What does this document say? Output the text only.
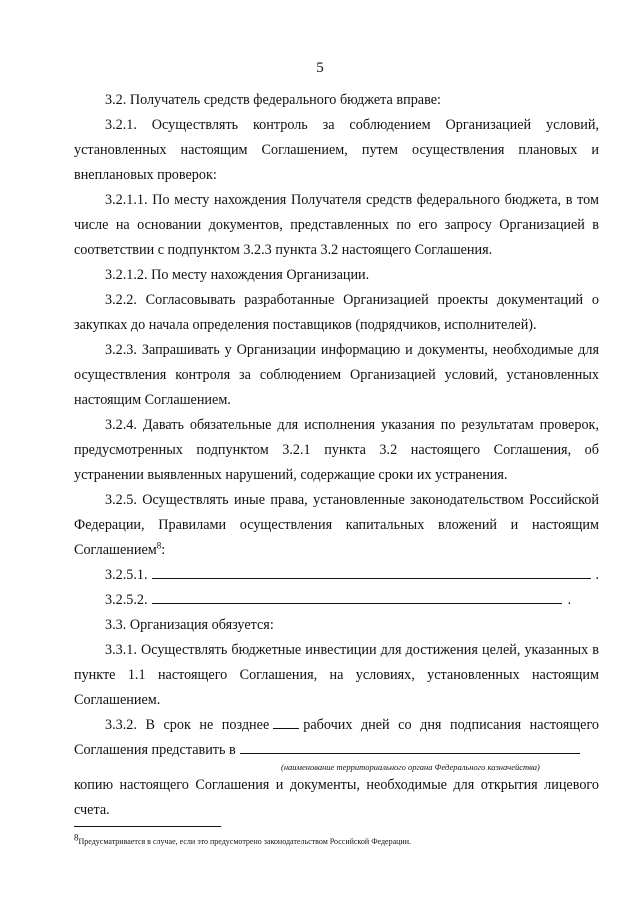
5

3.2. Получатель средств федерального бюджета вправе:

3.2.1. Осуществлять контроль за соблюдением Организацией условий, установленных настоящим Соглашением, путем осуществления плановых и внеплановых проверок:

3.2.1.1. По месту нахождения Получателя средств федерального бюджета, в том числе на основании документов, представленных по его запросу Организацией в соответствии с подпунктом 3.2.3 пункта 3.2 настоящего Соглашения.

3.2.1.2. По месту нахождения Организации.

3.2.2. Согласовывать разработанные Организацией проекты документаций о закупках до начала определения поставщиков (подрядчиков, исполнителей).

3.2.3. Запрашивать у Организации информацию и документы, необходимые для осуществления контроля за соблюдением Организацией условий, установленных настоящим Соглашением.

3.2.4. Давать обязательные для исполнения указания по результатам проверок, предусмотренных подпунктом 3.2.1 пункта 3.2 настоящего Соглашения, об устранении выявленных нарушений, содержащие сроки их устранения.

3.2.5. Осуществлять иные права, установленные законодательством Российской Федерации, Правилами осуществления капитальных вложений и настоящим Соглашением$^8$:

3.2.5.1.	.
3.2.5.2.	.

3.3. Организация обязуется:

3.3.1. Осуществлять бюджетные инвестиции для достижения целей, указанных в пункте 1.1 настоящего Соглашения, на условиях, установленных настоящим Соглашением.

3.3.2. В срок не позднее рабочих дней со дня подписания настоящего Соглашения представить в

(наименование территориального органа Федерального казначейства)

копию настоящего Соглашения и документы, необходимые для открытия лицевого счета.

$^8$Предусматривается в случае, если это предусмотрено законодательством Российской Федерации.
